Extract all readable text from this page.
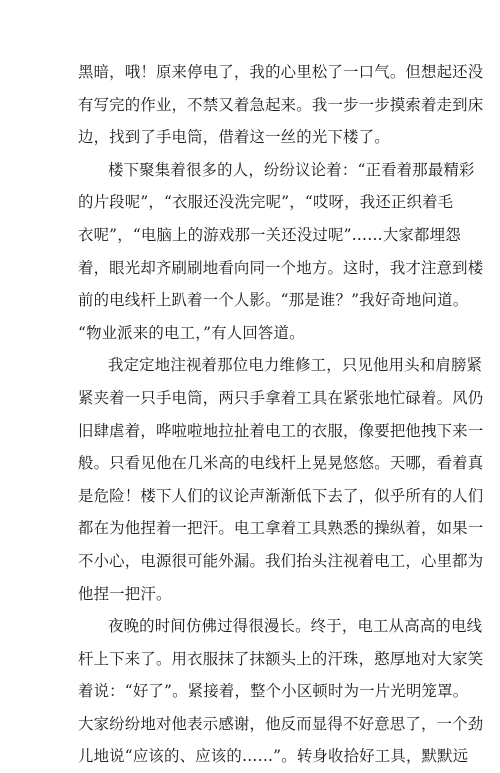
黑暗，哦！原来停电了，我的心里松了一口气。但想起还没
有写完的作业，不禁又着急起来。我一步一步摸索着走到床
边，找到了手电筒，借着这一丝的光下楼了。
楼下聚集着很多的人，纷纷议论着：“正看着那最精彩
的片段呢”，“衣服还没洗完呢”，“哎呀，我还正织着毛
衣呢”，“电脑上的游戏那一关还没过呢”……大家都埋怨
着，眼光却齐刷刷地看向同一个地方。这时，我才注意到楼
前的电线杆上趴着一个人影。“那是谁？”我好奇地问道。
“物业派来的电工，”有人回答道。
我定定地注视着那位电力维修工，只见他用头和肩膀紧
紧夹着一只手电筒，两只手拿着工具在紧张地忙碌着。风仍
旧肆虐着，哗啦啦地拉扯着电工的衣服，像要把他拽下来一
般。只看见他在几米高的电线杆上晃晃悠悠。天哪，看着真
是危险！楼下人们的议论声渐渐低下去了，似乎所有的人们
都在为他捏着一把汗。电工拿着工具熟悉的操纵着，如果一
不小心，电源很可能外漏。我们抬头注视着电工，心里都为
他捏一把汗。
夜晚的时间仿佛过得很漫长。终于，电工从高高的电线
杆上下来了。用衣服抹了抹额头上的汗珠，憨厚地对大家笑
着说：“好了”。紧接着，整个小区顿时为一片光明笼罩。
大家纷纷地对他表示感谢，他反而显得不好意思了，一个劲
儿地说“应该的、应该的……”。转身收拾好工具，默默远
